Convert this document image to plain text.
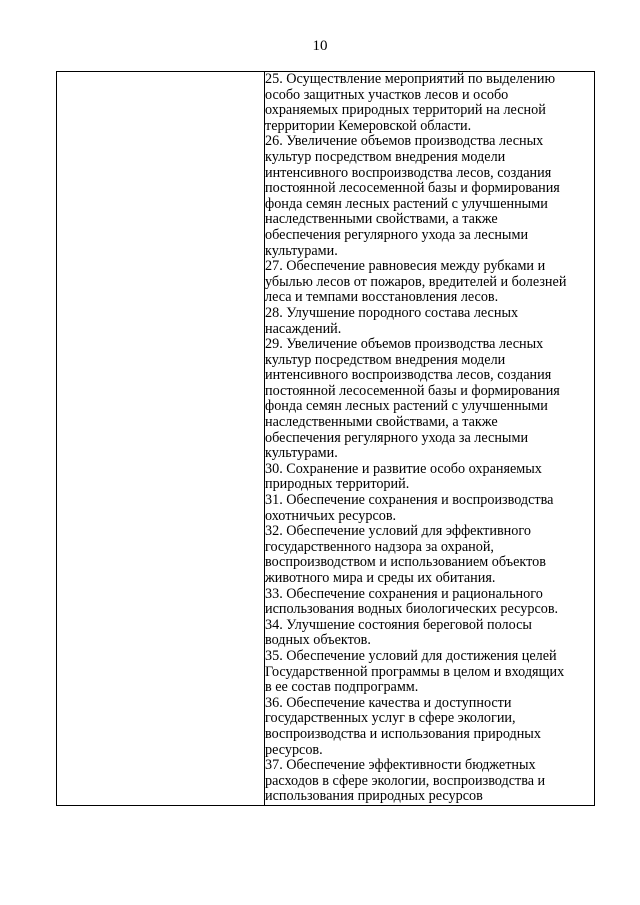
10

25. Осуществление мероприятий по выделению
особо защитных участков лесов и особо
охраняемых природных территорий на лесной
территории Кемеровской области.

26. Увеличение объемов производства лесных
культур посредством внедрения модели
интенсивного воспроизводства лесов, создания
постоянной лесосеменной базы и формирования
фонда семян лесных растений с улучшенными
наследственными свойствами, а также
обеспечения регулярного ухода за лесными
культурами.

27. Обеспечение равновесия между рубками и
убылью лесов от пожаров, вредителей и болезней
леса и темпами восстановления лесов.

28. Улучшение породного состава лесных
насаждений.

29. Увеличение объемов производства лесных
культур посредством внедрения модели
интенсивного воспроизводства лесов, создания
постоянной лесосеменной базы и формирования
фонда семян лесных растений с улучшенными
наследственными свойствами, а также
обеспечения регулярного ухода за лесными
культурами.

30. Сохранение и развитие особо охраняемых
природных территорий.

31. Обеспечение сохранения и воспроизводства
охотничьих ресурсов.

32. Обеспечение условий для эффективного
государственного надзора за охраной,
воспроизводством и использованием объектов
животного мира и среды их обитания.

33. Обеспечение сохранения и рационального
использования водных биологических ресурсов.

34. Улучшение состояния береговой полосы
водных объектов.

35. Обеспечение условий для достижения целей
Государственной программы в целом и входящих
в ее состав подпрограмм.

36. Обеспечение качества и доступности
государственных услуг в сфере экологии,
воспроизводства и использования природных
ресурсов.

37. Обеспечение эффективности бюджетных
расходов в сфере экологии, воспроизводства и
использования природных ресурсов
